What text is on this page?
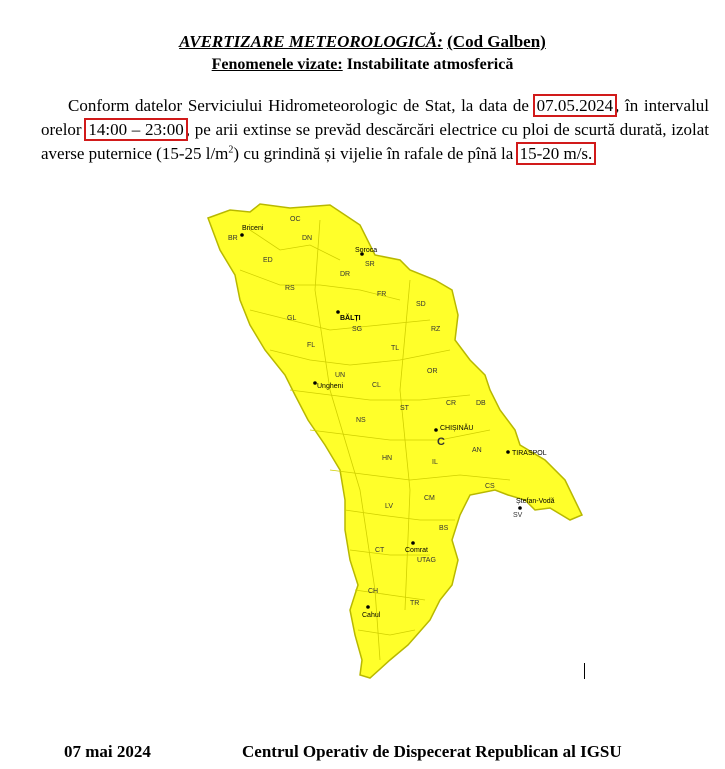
AVERTIZARE METEOROLOGICĂ: (Cod Galben)
Fenomenele vizate: Instabilitate atmosferică
Conform datelor Serviciului Hidrometeorologic de Stat, la data de 07.05.2024 , în intervalul orelor 14:00 – 23:00 , pe arii extinse se prevăd descărcări electrice cu ploi de scurtă durată, izolat averse puternice (15-25 $l/m^2$) cu grindină și vijelie în rafale de pînă la 15-20 m/s.
BR
OC
DN
ED
SR
RS
DR
FR
SD
GL
SG	RZ
FL	TL
UN
OR
CL
CR	DB
ST
NS
C
AN
HN
IL
CS
CM
LV
SV
BS
CT
UTAG
CH
TR
Briceni
Soroca
BĂLȚI
Ungheni
CHIȘINĂU
TIRASPOL
Ștefan-Vodă
Comrat
Cahul
07 mai 2024	Centrul Operativ de Dispecerat Republican al IGSU
